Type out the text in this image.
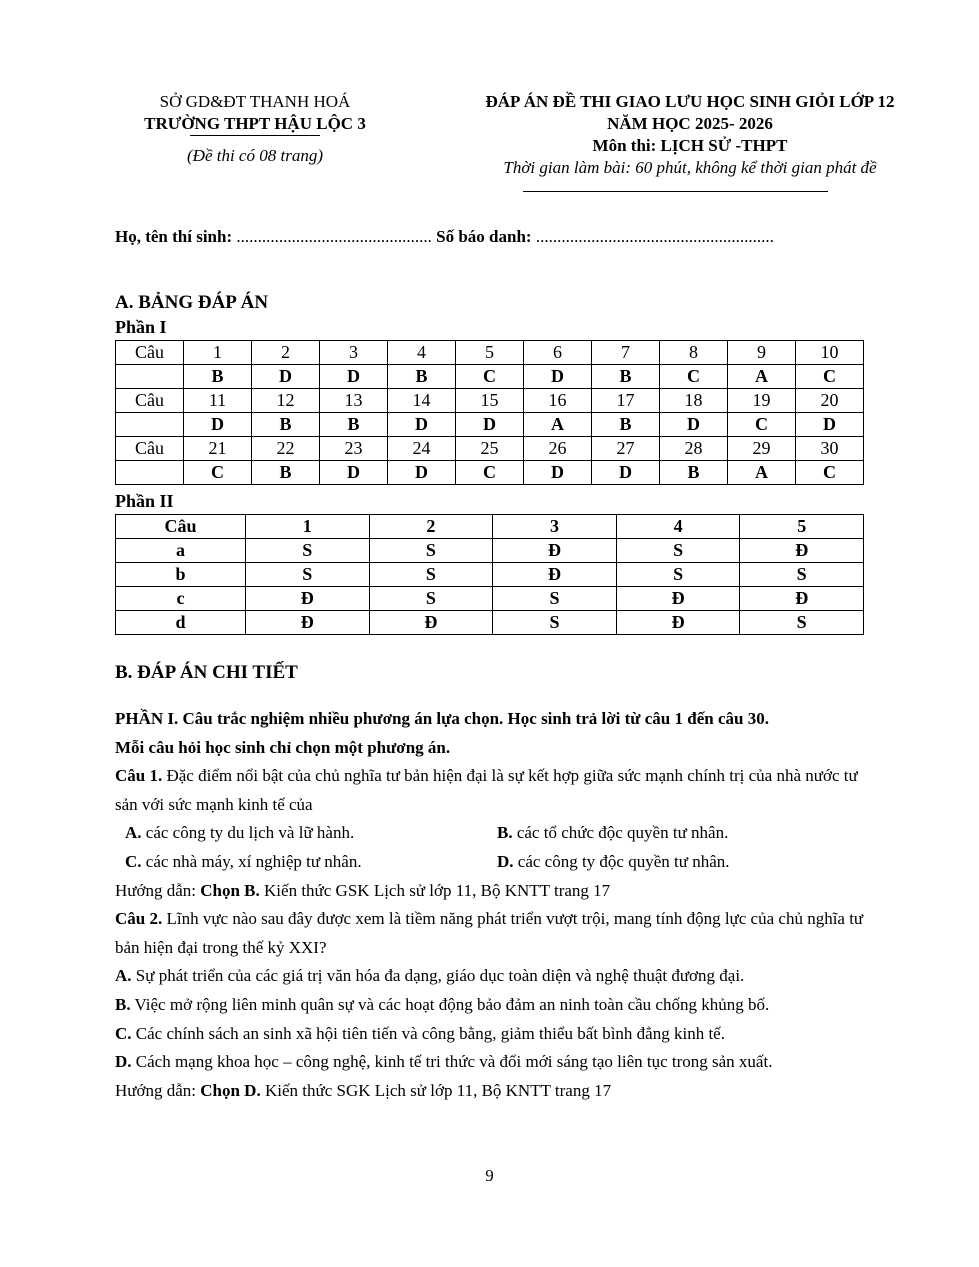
SỞ GD&ĐT THANH HOÁ
TRƯỜNG THPT HẬU LỘC 3
(Đề thi có 08 trang)
ĐÁP ÁN ĐỀ THI GIAO LƯU HỌC SINH GIỎI LỚP 12
NĂM HỌC 2025- 2026
Môn thi: LỊCH SỬ -THPT
Thời gian làm bài: 60 phút, không kể thời gian phát đề
Họ, tên thí sinh: .............................................. Số báo danh: ........................................................
A. BẢNG ĐÁP ÁN
Phần I
Câu	1	2	3	4	5	6	7	8	9	10
	B	D	D	B	C	D	B	C	A	C
Câu	11	12	13	14	15	16	17	18	19	20
	D	B	B	D	D	A	B	D	C	D
Câu	21	22	23	24	25	26	27	28	29	30
	C	B	D	D	C	D	D	B	A	C
Phần II
Câu	1	2	3	4	5
a	S	S	Đ	S	Đ
b	S	S	Đ	S	S
c	Đ	S	S	Đ	Đ
d	Đ	Đ	S	Đ	S
B. ĐÁP ÁN CHI TIẾT

PHẦN I. Câu trắc nghiệm nhiều phương án lựa chọn. Học sinh trả lời từ câu 1 đến câu 30.

Mỗi câu hỏi học sinh chỉ chọn một phương án.

Câu 1. Đặc điểm nổi bật của chủ nghĩa tư bản hiện đại là sự kết hợp giữa sức mạnh chính trị của nhà nước tư sản với sức mạnh kinh tế của

A. các công ty du lịch và lữ hành.	B. các tổ chức độc quyền tư nhân.
C. các nhà máy, xí nghiệp tư nhân.	D. các công ty độc quyền tư nhân.

Hướng dẫn: Chọn B. Kiến thức GSK Lịch sử lớp 11, Bộ KNTT trang 17

Câu 2. Lĩnh vực nào sau đây được xem là tiềm năng phát triển vượt trội, mang tính động lực của chủ nghĩa tư bản hiện đại trong thế kỷ XXI?

A. Sự phát triển của các giá trị văn hóa đa dạng, giáo dục toàn diện và nghệ thuật đương đại.

B. Việc mở rộng liên minh quân sự và các hoạt động bảo đảm an ninh toàn cầu chống khủng bố.

C. Các chính sách an sinh xã hội tiên tiến và công bằng, giảm thiểu bất bình đẳng kinh tế.

D. Cách mạng khoa học – công nghệ, kinh tế tri thức và đổi mới sáng tạo liên tục trong sản xuất.

Hướng dẫn: Chọn D. Kiến thức SGK Lịch sử lớp 11, Bộ KNTT trang 17

9
